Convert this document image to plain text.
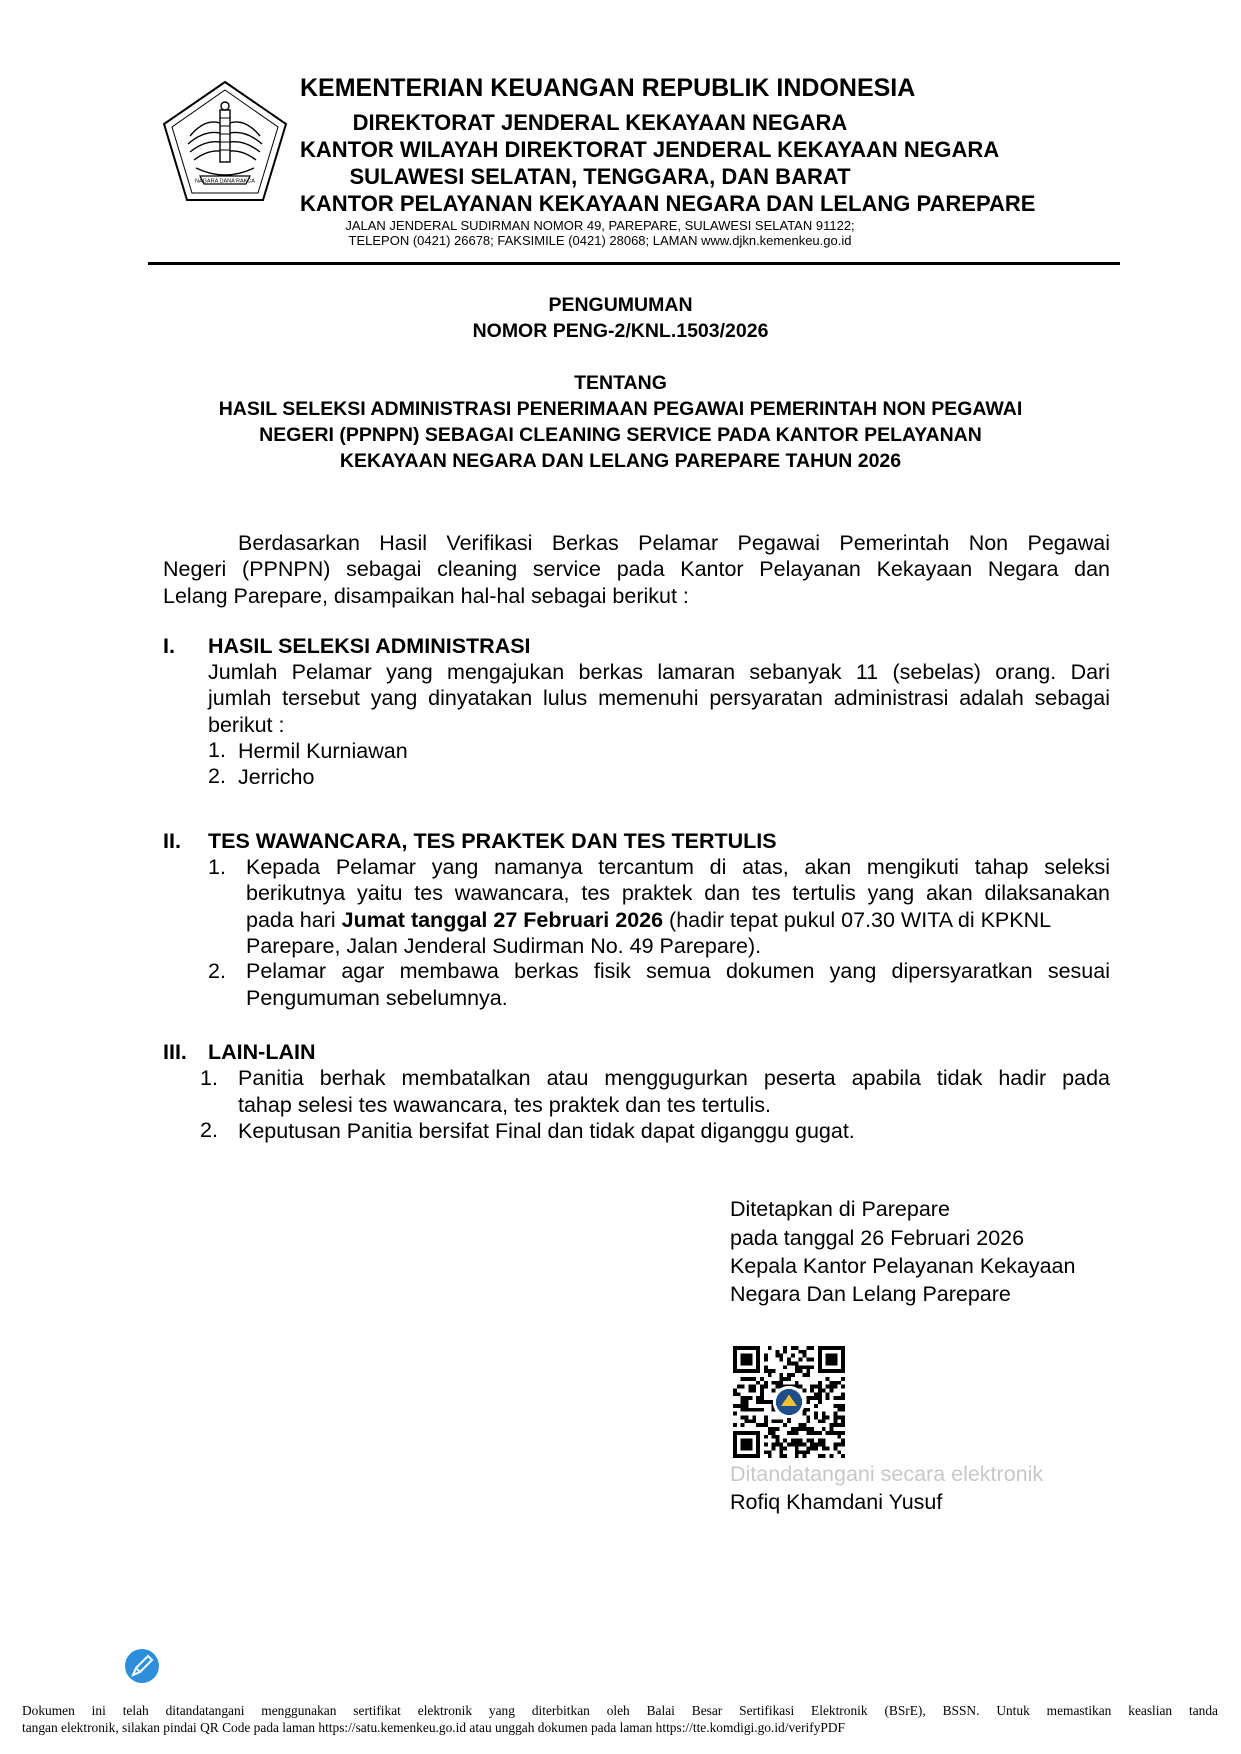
NAGARA DANA RAKCA
KEMENTERIAN KEUANGAN REPUBLIK INDONESIA
DIREKTORAT JENDERAL KEKAYAAN NEGARA
KANTOR WILAYAH DIREKTORAT JENDERAL KEKAYAAN NEGARA
SULAWESI SELATAN, TENGGARA, DAN BARAT
KANTOR PELAYANAN KEKAYAAN NEGARA DAN LELANG PAREPARE
JALAN JENDERAL SUDIRMAN NOMOR 49, PAREPARE, SULAWESI SELATAN 91122;
TELEPON (0421) 26678; FAKSIMILE (0421) 28068; LAMAN www.djkn.kemenkeu.go.id
PENGUMUMAN
NOMOR PENG-2/KNL.1503/2026
TENTANG
HASIL SELEKSI ADMINISTRASI PENERIMAAN PEGAWAI PEMERINTAH NON PEGAWAI
NEGERI (PPNPN) SEBAGAI CLEANING SERVICE PADA KANTOR PELAYANAN
KEKAYAAN NEGARA DAN LELANG PAREPARE TAHUN 2026
Berdasarkan Hasil Verifikasi Berkas Pelamar Pegawai Pemerintah Non Pegawai
Negeri (PPNPN) sebagai cleaning service pada Kantor Pelayanan Kekayaan Negara dan
Lelang Parepare, disampaikan hal-hal sebagai berikut :
I. HASIL SELEKSI ADMINISTRASI
Jumlah Pelamar yang mengajukan berkas lamaran sebanyak 11 (sebelas) orang. Dari
jumlah tersebut yang dinyatakan lulus memenuhi persyaratan administrasi adalah sebagai
berikut :
1. Hermil Kurniawan
2. Jerricho
II. TES WAWANCARA, TES PRAKTEK DAN TES TERTULIS
1. Kepada Pelamar yang namanya tercantum di atas, akan mengikuti tahap seleksi
berikutnya yaitu tes wawancara, tes praktek dan tes tertulis yang akan dilaksanakan
pada hari Jumat tanggal 27 Februari 2026 (hadir tepat pukul 07.30 WITA di KPKNL
Parepare, Jalan Jenderal Sudirman No. 49 Parepare).
2. Pelamar agar membawa berkas fisik semua dokumen yang dipersyaratkan sesuai
Pengumuman sebelumnya.
III. LAIN-LAIN
1. Panitia berhak membatalkan atau menggugurkan peserta apabila tidak hadir pada
tahap selesi tes wawancara, tes praktek dan tes tertulis.
2. Keputusan Panitia bersifat Final dan tidak dapat diganggu gugat.
Ditetapkan di Parepare
pada tanggal 26 Februari 2026
Kepala Kantor Pelayanan Kekayaan
Negara Dan Lelang Parepare
Ditandatangani secara elektronik
Rofiq Khamdani Yusuf
Dokumen ini telah ditandatangani menggunakan sertifikat elektronik yang diterbitkan oleh Balai Besar Sertifikasi Elektronik (BSrE), BSSN. Untuk memastikan keaslian tanda
tangan elektronik, silakan pindai QR Code pada laman https://satu.kemenkeu.go.id atau unggah dokumen pada laman https://tte.komdigi.go.id/verifyPDF
